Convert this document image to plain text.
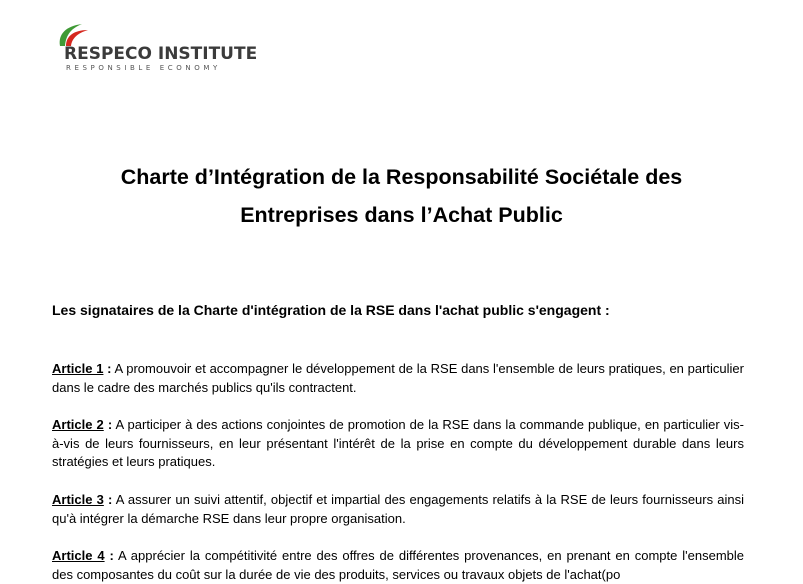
RESPECO INSTITUTE
RESPONSIBLE ECONOMY
Charte d’Intégration de la Responsabilité Sociétale des
Entreprises dans l’Achat Public

Les signataires de la Charte d'intégration de la RSE dans l'achat public s'engagent :

Article 1 : A promouvoir et accompagner le développement de la RSE dans l'ensemble de leurs pratiques, en particulier dans le cadre des marchés publics qu'ils contractent.

Article 2 : A participer à des actions conjointes de promotion de la RSE dans la commande publique, en particulier vis-à-vis de leurs fournisseurs, en leur présentant l'intérêt de la prise en compte du développement durable dans leurs stratégies et leurs pratiques.

Article 3 : A assurer un suivi attentif, objectif et impartial des engagements relatifs à la RSE de leurs fournisseurs ainsi qu'à intégrer la démarche RSE dans leur propre organisation.

Article 4 : A apprécier la compétitivité entre des offres de différentes provenances, en prenant en compte l'ensemble des composantes du coût sur la durée de vie des produits, services ou travaux objets de l'achat(po
